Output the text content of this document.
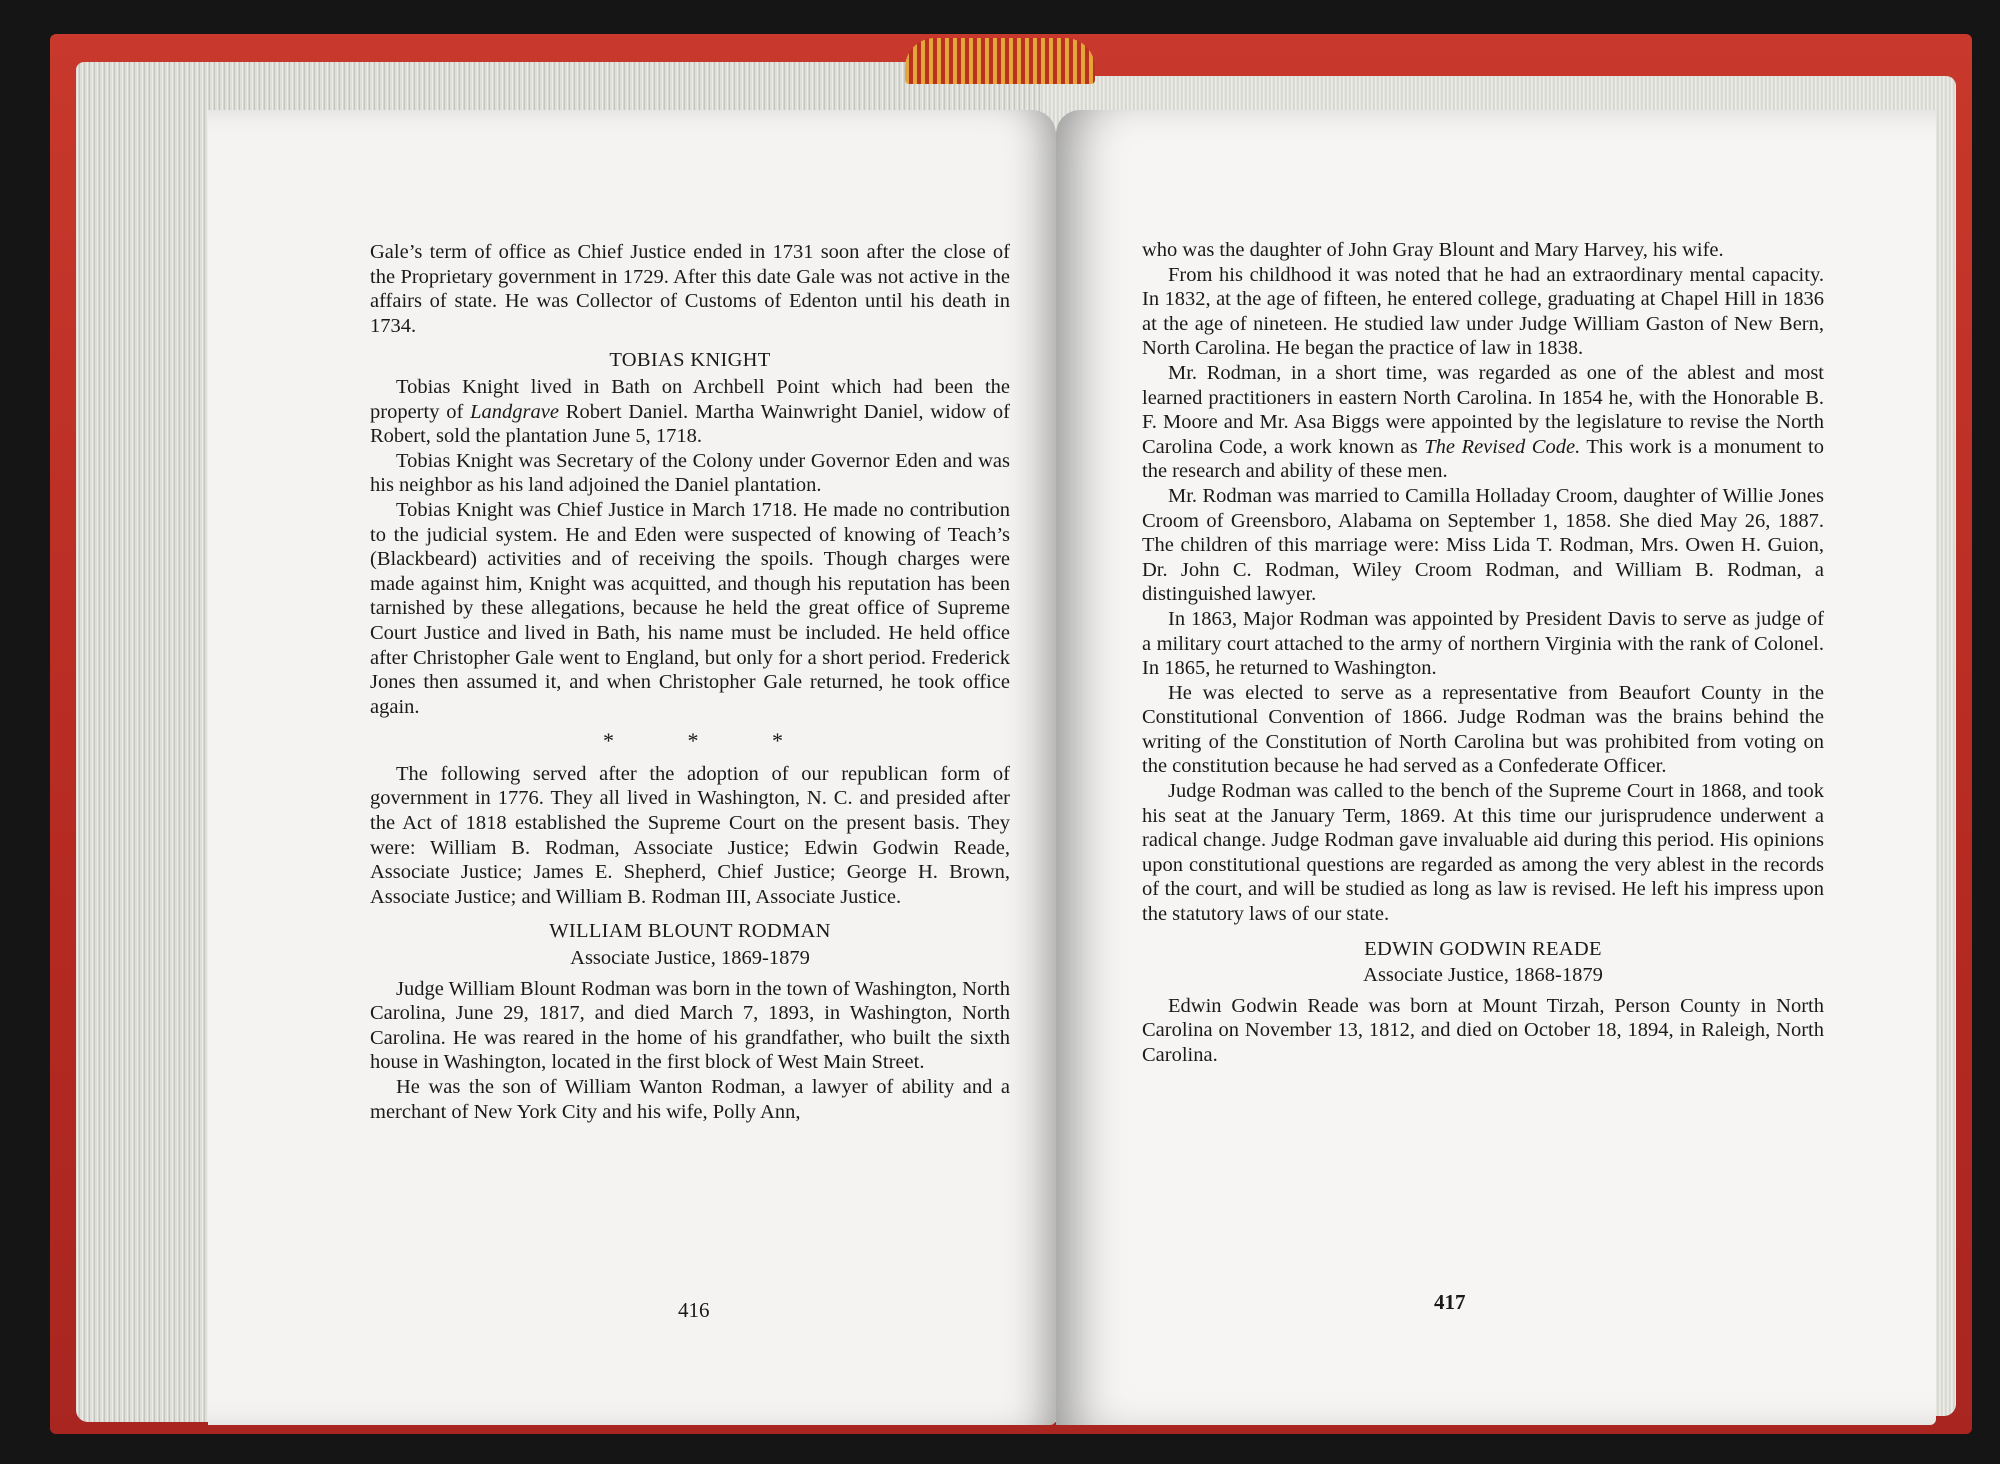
Gale’s term of office as Chief Justice ended in 1731 soon after the close of the Proprietary government in 1729. After this date Gale was not active in the affairs of state. He was Collector of Customs of Edenton until his death in 1734.

TOBIAS KNIGHT

Tobias Knight lived in Bath on Archbell Point which had been the property of Landgrave Robert Daniel. Martha Wainwright Daniel, widow of Robert, sold the plantation June 5, 1718.

Tobias Knight was Secretary of the Colony under Governor Eden and was his neighbor as his land adjoined the Daniel plantation.

Tobias Knight was Chief Justice in March 1718. He made no contribution to the judicial system. He and Eden were suspected of knowing of Teach’s (Blackbeard) activities and of receiving the spoils. Though charges were made against him, Knight was acquitted, and though his reputation has been tarnished by these allegations, because he held the great office of Supreme Court Justice and lived in Bath, his name must be included. He held office after Christopher Gale went to England, but only for a short period. Frederick Jones then assumed it, and when Christopher Gale returned, he took office again.

* * *

The following served after the adoption of our republican form of government in 1776. They all lived in Washington, N. C. and presided after the Act of 1818 established the Supreme Court on the present basis. They were: William B. Rodman, Associate Justice; Edwin Godwin Reade, Associate Justice; James E. Shepherd, Chief Justice; George H. Brown, Associate Justice; and William B. Rodman III, Associate Justice.

WILLIAM BLOUNT RODMAN
Associate Justice, 1869-1879

Judge William Blount Rodman was born in the town of Washington, North Carolina, June 29, 1817, and died March 7, 1893, in Washington, North Carolina. He was reared in the home of his grandfather, who built the sixth house in Washington, located in the first block of West Main Street.

He was the son of William Wanton Rodman, a lawyer of ability and a merchant of New York City and his wife, Polly Ann,

416

who was the daughter of John Gray Blount and Mary Harvey, his wife.

From his childhood it was noted that he had an extraordinary mental capacity. In 1832, at the age of fifteen, he entered college, graduating at Chapel Hill in 1836 at the age of nineteen. He studied law under Judge William Gaston of New Bern, North Carolina. He began the practice of law in 1838.

Mr. Rodman, in a short time, was regarded as one of the ablest and most learned practitioners in eastern North Carolina. In 1854 he, with the Honorable B. F. Moore and Mr. Asa Biggs were appointed by the legislature to revise the North Carolina Code, a work known as The Revised Code. This work is a monument to the research and ability of these men.

Mr. Rodman was married to Camilla Holladay Croom, daughter of Willie Jones Croom of Greensboro, Alabama on September 1, 1858. She died May 26, 1887. The children of this marriage were: Miss Lida T. Rodman, Mrs. Owen H. Guion, Dr. John C. Rodman, Wiley Croom Rodman, and William B. Rodman, a distinguished lawyer.

In 1863, Major Rodman was appointed by President Davis to serve as judge of a military court attached to the army of northern Virginia with the rank of Colonel. In 1865, he returned to Washington.

He was elected to serve as a representative from Beaufort County in the Constitutional Convention of 1866. Judge Rodman was the brains behind the writing of the Constitution of North Carolina but was prohibited from voting on the constitution because he had served as a Confederate Officer.

Judge Rodman was called to the bench of the Supreme Court in 1868, and took his seat at the January Term, 1869. At this time our jurisprudence underwent a radical change. Judge Rodman gave invaluable aid during this period. His opinions upon constitutional questions are regarded as among the very ablest in the records of the court, and will be studied as long as law is revised. He left his impress upon the statutory laws of our state.

EDWIN GODWIN READE
Associate Justice, 1868-1879

Edwin Godwin Reade was born at Mount Tirzah, Person County in North Carolina on November 13, 1812, and died on October 18, 1894, in Raleigh, North Carolina.

417
